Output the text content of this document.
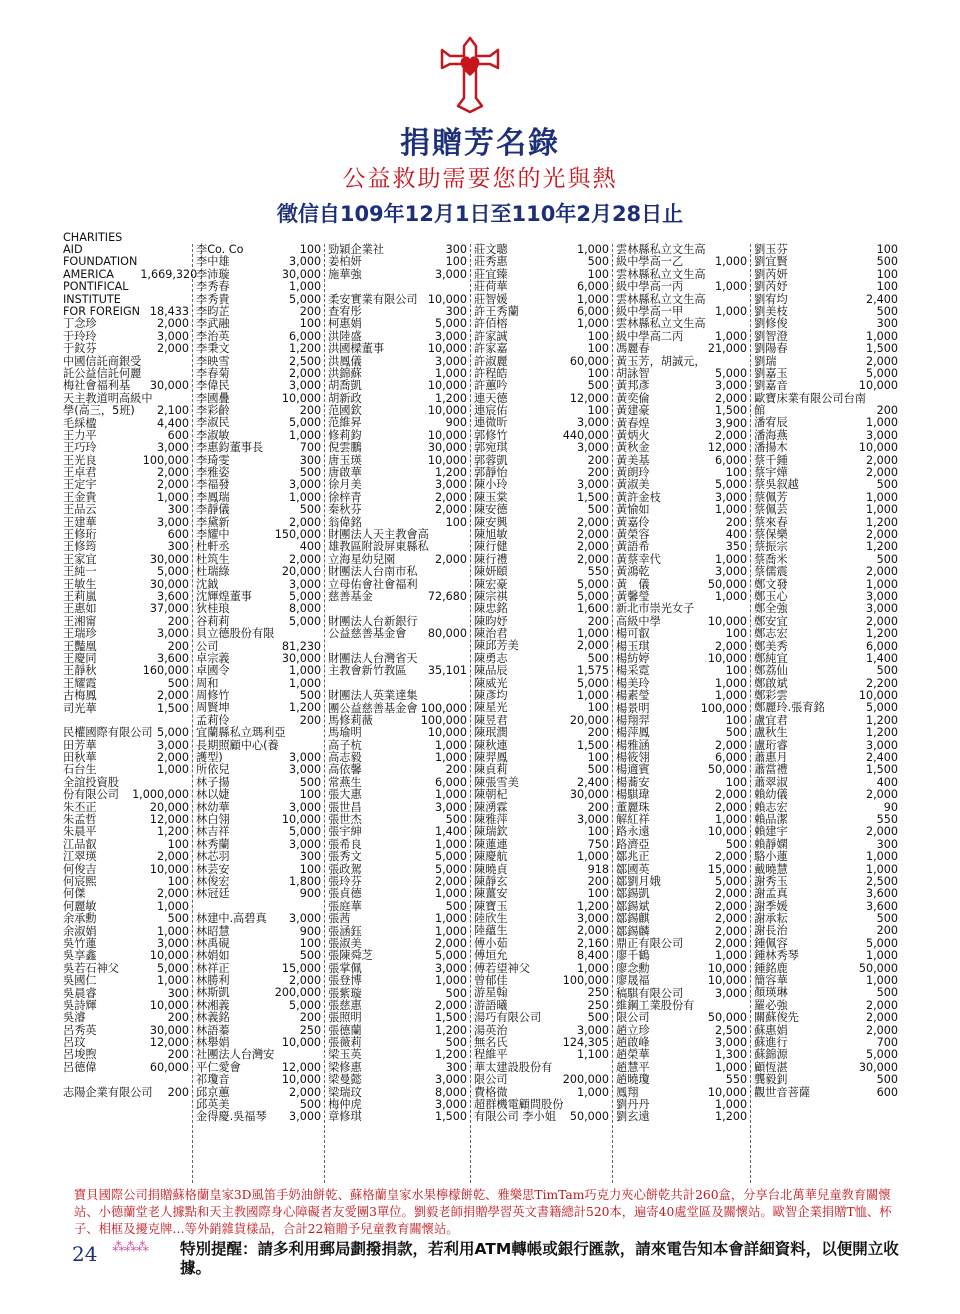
捐贈芳名錄
公益救助需要您的光與熱
徵信自109年12月1日至110年2月28日止
CHARITIES AID FOUNDATION AMERICA	1,669,320
PONTIFICAL INSTITUTE FOR FOREIGN 18,433
丁念珍	2,000
于玲玲	3,000
于鈫芬	2,000
中國信託商銀受託公益信託何麗梅社會福利基	30,000
天主教道明高級中學(高三，5班)	2,100
毛綵楹	4,400
王力平	600
王巧玲	3,000
王光良	100,000
王卓君	2,000
王定宇	2,000
王金貴	1,000
王品云	300
王建華	3,000
王修珩	600
王修筠	300
王家宜	30,000
王純一	5,000
王敏生	30,000
王莉嵐	3,600
王惠如	37,000
王湘甯	200
王瑞珍	3,000
王豔凰	200
王慶同	3,600
王靜秋	160,000
王耀霞	500
古梅鳳	2,000
司光華	1,500
民權國際有限公司 5,000
田芳華	3,000
田秋華	2,000
石台生	1,000
全誼投資股份有限公司	1,000,000
朱丕正	20,000
朱孟哲	12,000
朱晨平	1,200
江品叡	100
江翠瑛	2,000
何俊吉	10,000
何宸熙	100
何傑	2,000
何麗敏	1,000
余承勳	500
余淑娟	1,000
吳竹蓮	3,000
吳享鑫	10,000
吳若石神父	5,000
吳國仁	1,000
吳晨睿	300
吳詩輝	10,000
吳濬	200
呂秀英	30,000
呂玟	12,000
呂埈煦	200
呂德偉	60,000
志陽企業有限公司 200
李Co. Co	100
李中雄	3,000
李沛璇	30,000
李秀春	1,000
李秀貴	5,000
李昀芷	200
李武融	100
李治英	6,000
李秉文	1,200
李映雪	2,500
李春菊	2,000
李偉民	3,000
李國疊	10,000
李彩齡	200
李淑民	5,000
李淑敏	1,000
李惠鈞董事長	700
李琦雯	300
李雅姿	500
李福發	3,000
李鳳瑞	1,000
李靜儀	500
李黛新	2,000
李耀中	150,000
杜軒丞	400
杜筑生	2,000
杜瑞綠	20,000
沈鉞	3,000
沈輝煌董事	5,000
狄桂琅	8,000
谷莉莉	5,000
貝立德股份有限公司	81,230
卓宗義	30,000
卓國令	1,000
周和	1,000
周修竹	500
周賢坤	1,200
孟莉伶	200
宜蘭縣私立瑪利亞長期照顧中心(養護型)	3,000
所依兒	3,000
林子揚	500
林以婕	100
林幼華	3,000
林白翎	10,000
林吉祥	5,000
林秀蘭	3,000
林芯羽	300
林芸安	100
林俊宏	1,800
林冠廷	900
林建中.高碧真 3,000
林昭慧	900
林禹硯	100
林娟如	500
林祥正	15,000
林勝利	2,000
林斯凱	200,000
林湘義	5,000
林義銘	200
林語蓁	250
林舉娟	10,000
社團法人台灣安平仁愛會	12,000
祁瓊音	10,000
邱京蕙	2,000
邱英美	500
金得慶.吳福琴 3,000
勁穎企業社	300
姜柏妍	100
施華強	3,000
柔安實業有限公司 10,000
查宥彤	300
柯惠娟	5,000
洪陸盛	3,000
洪國樑董事	10,000
洪鳳儀	3,000
洪錦蘇	1,000
胡喬凱	10,000
胡新政	1,200
范國欽	10,000
范維昇	900
修莉鈞	10,000
倪雲鵬	30,000
唐玉瑛	10,000
唐啟華	1,200
徐月美	3,000
徐梓青	2,000
秦秋芬	2,000
翁偉銘	100
財團法人天主教會高雄教區附設屏東縣私立海星幼兒園	2,000
財團法人台南市私立母佑會社會福利慈善基金	72,680
財團法人台新銀行公益慈善基金會	80,000
財團法人台灣省天主教會新竹教區	35,101
財團法人英業達集團公益慈善基金會 100,000
馬修莉薇	100,000
馬瑜明	10,000
高子杭	1,000
高志毅	1,000
高依馨	200
常燕生	6,000
張大惠	1,000
張世昌	3,000
張世杰	500
張宇紳	1,400
張希良	1,000
張秀文	5,000
張政駕	5,000
張玲芬	2,000
張貞德	1,000
張庭華	500
張茜	1,000
張涵鈺	1,000
張淑美	2,000
張陳舜芝	5,000
張掌佩	3,000
張登博	1,000
張紫璇	500
張慈惠	2,000
張照明	1,500
張德蘭	1,200
張薇莉	500
梁玉英	1,200
梁修惠	300
梁曼懿	3,000
梁瑞玟	8,000
梅仲虎	3,000
章修琪	1,500
莊文聰	1,000
莊秀惠	500
莊宜臻	100
莊荷華	6,000
莊智媛	1,000
許王秀蘭	6,000
許佰榕	1,000
許家誠	100
許家嘉	100
許淑麗	60,000
許程皓	100
許蕙吟	500
連天德	12,000
連宸佑	100
連微昕	3,000
郭修竹	440,000
郭宛琪	3,000
郭蓉凱	200
郭靜怡	200
陳小玲	3,000
陳玉棠	1,500
陳安德	500
陳安興	2,000
陳旭敏	2,000
陳行健	2,000
陳行禮	2,000
陳妍頤	550
陳宏豪	5,000
陳宗祺	5,000
陳忠銘	1,600
陳昀妤	200
陳治君	1,000
陳邱芳美	2,000
陳勇志	500
陳品辰	1,575
陳威光	5,000
陳彥均	1,000
陳星光	100
陳昱君	20,000
陳珉潤	200
陳秋連	1,500
陳羿鳳	100
陳貞莉	500
陳張雪美	2,400
陳朝杞	30,000
陳湧霖	200
陳雅萍	3,000
陳瑞欽	100
陳蓮連	750
陳慶航	1,000
陳曉貞	918
陳靜玄	200
陳薑安	100
陳寶玉	1,200
陸欣生	3,000
陸蘊生	2,000
傅小茹	2,160
傅垣允	8,400
傅若望神父	1,000
曾郁佳	100,000
游星翰	250
游語曦	250
湯巧有限公司	500
湯英治	3,000
無名氏	124,305
程維平	1,100
華太建設股份有限公司	200,000
費格微	1,000
超群機電顧問股份有限公司 李小姐	50,000
雲林縣私立文生高級中學高一乙	1,000
雲林縣私立文生高級中學高一丙	1,000
雲林縣私立文生高級中學高一甲	1,000
雲林縣私立文生高級中學高二丙	1,000
馮麗春	21,000
黃玉芳，胡誠元，胡詠智	5,000
黃邦彥	3,000
黃奕倫	2,000
黃建豪	1,500
黃春煌	3,900
黃炳火	2,000
黃秋金	12,000
黃美基	6,000
黃朗玲	100
黃淑美	5,000
黃許金枝	3,000
黃愉如	1,000
黃嘉伶	200
黃榮容	400
黃語希	350
黃蔡幸代	1,000
黃鴻乾	3,000
黃　儀	50,000
黃馨瑩	1,000
新北市崇光女子高級中學	10,000
楊可叡	100
楊玉琪	2,000
楊紡婷	10,000
楊采霓	100
楊美玲	1,000
楊素瑩	1,000
楊景明	100,000
楊翔羿	100
楊萍鳳	500
楊雅涵	2,000
楊筱翎	6,000
楊適賓	50,000
楊蕎安	100
楊騏瑋	2,000
董麗珠	2,000
解紅祥	1,000
路永遠	10,000
路濟亞	500
鄒兆正	2,000
鄒國英	15,000
鄒劉月娥	5,000
鄒錫凱	2,000
鄒錫斌	2,000
鄒錫麒	2,000
鄒錫麟	2,000
鼎正有限公司	2,000
廖千鶴	1,000
廖念勳	10,000
廖晟福	10,000
稿騏有限公司	3,000
維鋼工業股份有限公司	50,000
趙立珍	2,500
趙啟峰	3,000
趙榮華	1,300
趙慧平	1,000
趙曉瓊	550
鳳翔	10,000
劉丹丹	1,000
劉玄遠	1,200
劉玉芬	100
劉宜賢	500
劉芮妍	100
劉芮妤	100
劉宥均	2,400
劉美枝	500
劉修俊	300
劉智澄	1,000
劉陽春	1,500
劉瑞	2,000
劉嘉玉	5,000
劉嘉音	10,000
歐寶床業有限公司台南館	200
潘宥辰	1,000
潘海燕	3,000
潘揚木	10,000
蔡千鍾	2,000
蔡宇燁	2,000
蔡吳叙越	500
蔡佩芳	1,000
蔡佩芸	1,000
蔡來春	1,200
蔡保樂	2,000
蔡振宗	1,200
蔡喬米	500
蔡儒震	2,000
鄭文發	1,000
鄭玉心	3,000
鄭全強	3,000
鄭安宜	2,000
鄭志宏	1,200
鄭美秀	6,000
鄭純宜	1,400
鄭荔仙	500
鄭啟斌	2,200
鄭彩雲	10,000
鄭麗玲.張育銘	5,000
盧宜君	1,200
盧秋生	1,200
盧珩睿	3,000
蕭惠月	2,400
蕭當禮	1,500
蕭翠淑	400
賴幼儀	2,000
賴志宏	90
賴品潔	550
賴建宇	2,000
賴靜嫻	300
駱小蓮	1,000
戴曉慧	1,000
謝秀玉	2,500
謝孟真	3,600
謝季媛	3,600
謝承耘	500
謝長治	200
鍾佩容	5,000
鍾林秀琴	1,000
鍾銘鹿	50,000
簡容華	1,000
顏瑛琳	500
羅必強	2,000
關蘇俊先	2,000
蘇惠娟	2,000
蘇進行	700
蘇錦源	5,000
顧恆湛	30,000
龔毅釗	500
觀世音菩薩	600
寶貝國際公司捐贈蘇格蘭皇家3D風笛手奶油餅乾、蘇格蘭皇家水果檸檬餅乾、雅樂思TimTam巧克力夾心餅乾共計260盒，分享台北萬華兒童教育關懷站、小德蘭堂老人據點和天主教國際身心障礙者友愛團3單位。劉毅老師捐贈學習英文書籍總計520本，遍寄40處堂區及關懷站。歐智企業捐贈T恤、杯子、相框及擾克牌…等外銷雜貨樣品，合計22箱贈予兒童教育關懷站。
24 ⁂⁂⁂ 特別提醒：請多利用郵局劃撥捐款，若利用ATM轉帳或銀行匯款，請來電告知本會詳細資料，以便開立收據。
